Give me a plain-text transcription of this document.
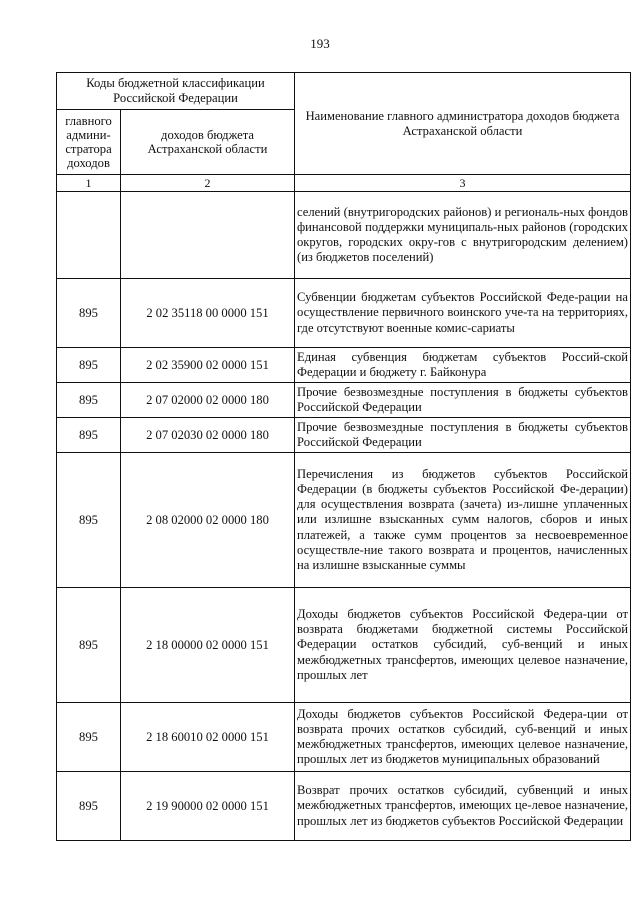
193
Коды бюджетной классификации Российской Федерации		Наименование главного администратора доходов бюджета Астраханской области
главного админи-стратора доходов	доходов бюджета Астраханской области	
1	2	3
		селений (внутригородских районов) и региональ-ных фондов финансовой поддержки муниципаль-ных районов (городских округов, городских окру-гов с внутригородским делением) (из бюджетов поселений)
895	2 02 35118 00 0000 151	Субвенции бюджетам субъектов Российской Феде-рации на осуществление первичного воинского уче-та на территориях, где отсутствуют военные комис-сариаты
895	2 02 35900 02 0000 151	Единая субвенция бюджетам субъектов Россий-ской Федерации и бюджету г. Байконура
895	2 07 02000 02 0000 180	Прочие безвозмездные поступления в бюджеты субъектов Российской Федерации
895	2 07 02030 02 0000 180	Прочие безвозмездные поступления в бюджеты субъектов Российской Федерации
895	2 08 02000 02 0000 180	Перечисления из бюджетов субъектов Российской Федерации (в бюджеты субъектов Российской Фе-дерации) для осуществления возврата (зачета) из-лишне уплаченных или излишне взысканных сумм налогов, сборов и иных платежей, а также сумм процентов за несвоевременное осуществле-ние такого возврата и процентов, начисленных на излишне взысканные суммы
895	2 18 00000 02 0000 151	Доходы бюджетов субъектов Российской Федера-ции от возврата бюджетами бюджетной системы Российской Федерации остатков субсидий, суб-венций и иных межбюджетных трансфертов, имеющих целевое назначение, прошлых лет
895	2 18 60010 02 0000 151	Доходы бюджетов субъектов Российской Федера-ции от возврата прочих остатков субсидий, суб-венций и иных межбюджетных трансфертов, имеющих целевое назначение, прошлых лет из бюджетов муниципальных образований
895	2 19 90000 02 0000 151	Возврат прочих остатков субсидий, субвенций и иных межбюджетных трансфертов, имеющих це-левое назначение, прошлых лет из бюджетов субъектов Российской Федерации
